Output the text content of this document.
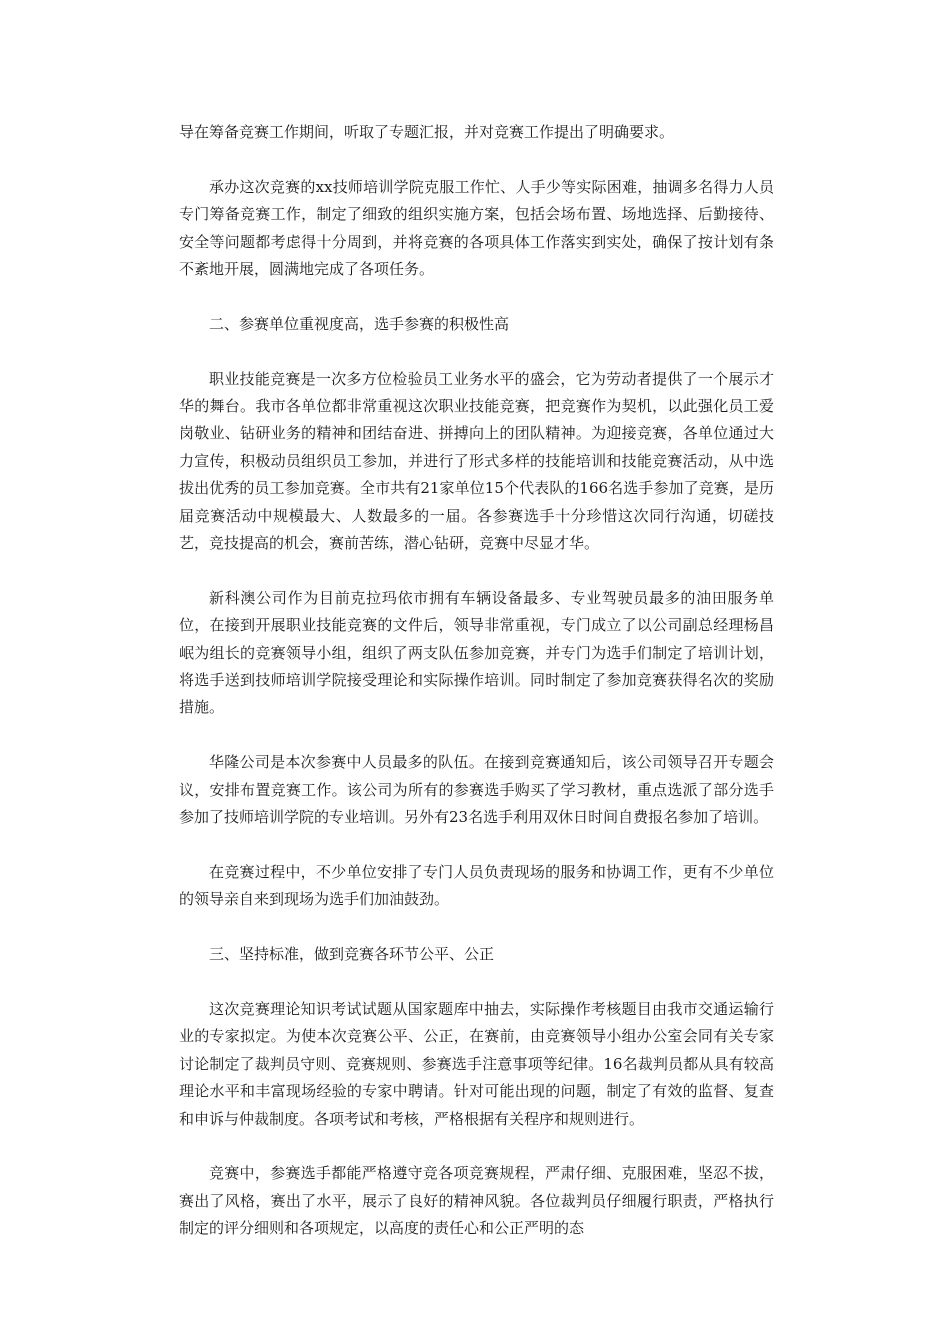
导在筹备竞赛工作期间，听取了专题汇报，并对竞赛工作提出了明确要求。

承办这次竞赛的xx技师培训学院克服工作忙、人手少等实际困难，抽调多名得力人员专门筹备竞赛工作，制定了细致的组织实施方案，包括会场布置、场地选择、后勤接待、安全等问题都考虑得十分周到，并将竞赛的各项具体工作落实到实处，确保了按计划有条不紊地开展，圆满地完成了各项任务。

二、参赛单位重视度高，选手参赛的积极性高

职业技能竞赛是一次多方位检验员工业务水平的盛会，它为劳动者提供了一个展示才华的舞台。我市各单位都非常重视这次职业技能竞赛，把竞赛作为契机，以此强化员工爱岗敬业、钻研业务的精神和团结奋进、拼搏向上的团队精神。为迎接竞赛，各单位通过大力宣传，积极动员组织员工参加，并进行了形式多样的技能培训和技能竞赛活动，从中选拔出优秀的员工参加竞赛。全市共有21家单位15个代表队的166名选手参加了竞赛，是历届竞赛活动中规模最大、人数最多的一届。各参赛选手十分珍惜这次同行沟通，切磋技艺，竞技提高的机会，赛前苦练，潜心钻研，竞赛中尽显才华。

新科澳公司作为目前克拉玛依市拥有车辆设备最多、专业驾驶员最多的油田服务单位，在接到开展职业技能竞赛的文件后，领导非常重视，专门成立了以公司副总经理杨昌岷为组长的竞赛领导小组，组织了两支队伍参加竞赛，并专门为选手们制定了培训计划，将选手送到技师培训学院接受理论和实际操作培训。同时制定了参加竞赛获得名次的奖励措施。

华隆公司是本次参赛中人员最多的队伍。在接到竞赛通知后，该公司领导召开专题会议，安排布置竞赛工作。该公司为所有的参赛选手购买了学习教材，重点选派了部分选手参加了技师培训学院的专业培训。另外有23名选手利用双休日时间自费报名参加了培训。

在竞赛过程中，不少单位安排了专门人员负责现场的服务和协调工作，更有不少单位的领导亲自来到现场为选手们加油鼓劲。

三、坚持标准，做到竞赛各环节公平、公正

这次竞赛理论知识考试试题从国家题库中抽去，实际操作考核题目由我市交通运输行业的专家拟定。为使本次竞赛公平、公正，在赛前，由竞赛领导小组办公室会同有关专家讨论制定了裁判员守则、竞赛规则、参赛选手注意事项等纪律。16名裁判员都从具有较高理论水平和丰富现场经验的专家中聘请。针对可能出现的问题，制定了有效的监督、复查和申诉与仲裁制度。各项考试和考核，严格根据有关程序和规则进行。

竞赛中，参赛选手都能严格遵守竞各项竞赛规程，严肃仔细、克服困难，坚忍不拔，赛出了风格，赛出了水平，展示了良好的精神风貌。各位裁判员仔细履行职责，严格执行制定的评分细则和各项规定，以高度的责任心和公正严明的态
